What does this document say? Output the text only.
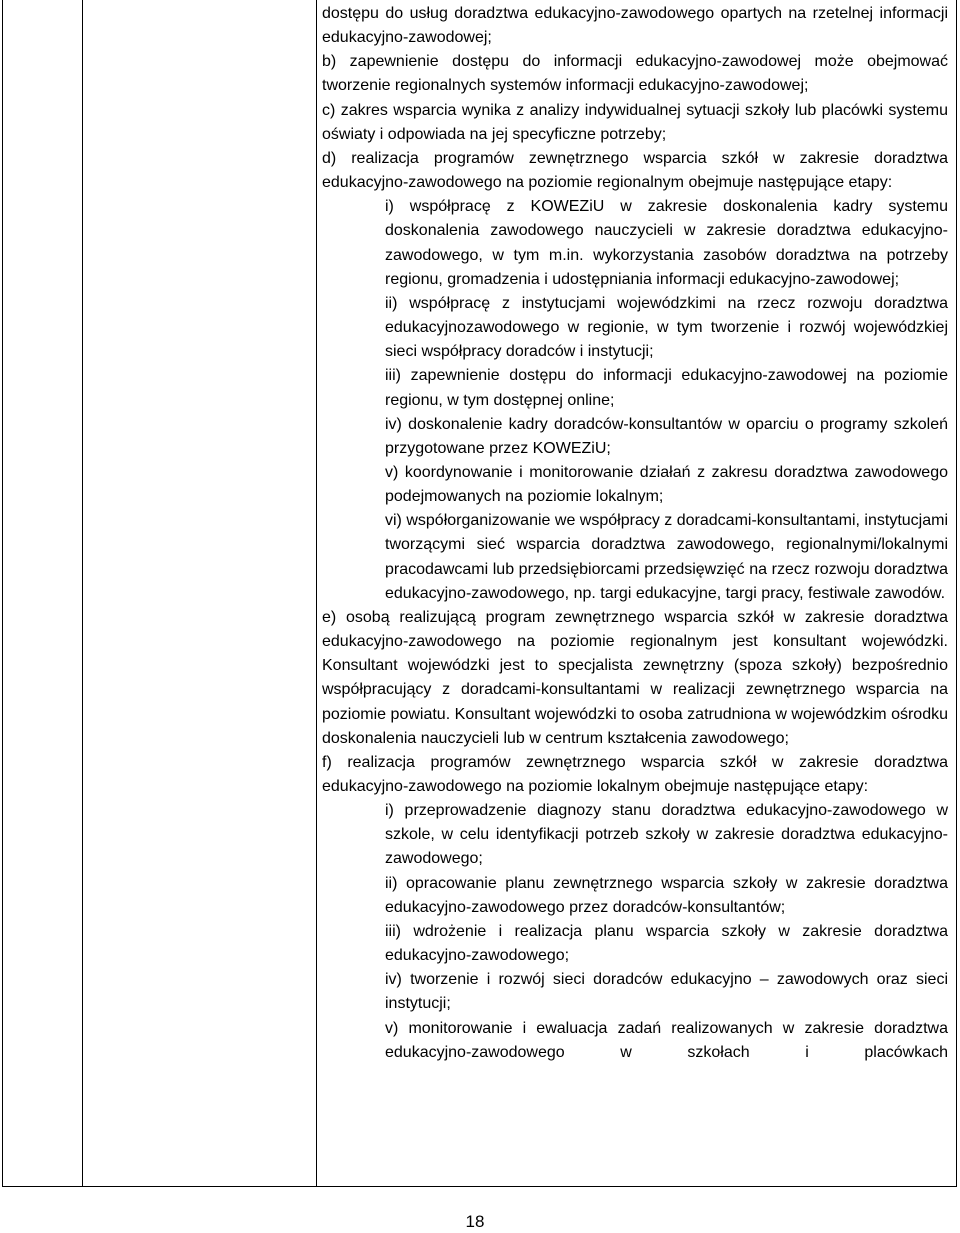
dostępu do usług doradztwa edukacyjno-zawodowego opartych na rzetelnej informacji edukacyjno-zawodowej;

b) zapewnienie dostępu do informacji edukacyjno-zawodowej może obejmować tworzenie regionalnych systemów informacji edukacyjno-zawodowej;

c) zakres wsparcia wynika z analizy indywidualnej sytuacji szkoły lub placówki systemu oświaty i odpowiada na jej specyficzne potrzeby;

d) realizacja programów zewnętrznego wsparcia szkół w zakresie doradztwa edukacyjno-zawodowego na poziomie regionalnym obejmuje następujące etapy:

i) współpracę z KOWEZiU w zakresie doskonalenia kadry systemu doskonalenia zawodowego nauczycieli w zakresie doradztwa edukacyjno-zawodowego, w tym m.in. wykorzystania zasobów doradztwa na potrzeby regionu, gromadzenia i udostępniania informacji edukacyjno-zawodowej;

ii) współpracę z instytucjami wojewódzkimi na rzecz rozwoju doradztwa edukacyjnozawodowego w regionie, w tym tworzenie i rozwój wojewódzkiej sieci współpracy doradców i instytucji;

iii) zapewnienie dostępu do informacji edukacyjno-zawodowej na poziomie regionu, w tym dostępnej online;

iv) doskonalenie kadry doradców-konsultantów w oparciu o programy szkoleń przygotowane przez KOWEZiU;

v) koordynowanie i monitorowanie działań z zakresu doradztwa zawodowego podejmowanych na poziomie lokalnym;

vi) współorganizowanie we współpracy z doradcami-konsultantami, instytucjami tworzącymi sieć wsparcia doradztwa zawodowego, regionalnymi/lokalnymi pracodawcami lub przedsiębiorcami przedsięwzięć na rzecz rozwoju doradztwa edukacyjno-zawodowego, np. targi edukacyjne, targi pracy, festiwale zawodów.

e) osobą realizującą program zewnętrznego wsparcia szkół w zakresie doradztwa edukacyjno-zawodowego na poziomie regionalnym jest konsultant wojewódzki. Konsultant wojewódzki jest to specjalista zewnętrzny (spoza szkoły) bezpośrednio współpracujący z doradcami-konsultantami w realizacji zewnętrznego wsparcia na poziomie powiatu. Konsultant wojewódzki to osoba zatrudniona w wojewódzkim ośrodku doskonalenia nauczycieli lub w centrum kształcenia zawodowego;

f) realizacja programów zewnętrznego wsparcia szkół w zakresie doradztwa edukacyjno-zawodowego na poziomie lokalnym obejmuje następujące etapy:

i) przeprowadzenie diagnozy stanu doradztwa edukacyjno-zawodowego w szkole, w celu identyfikacji potrzeb szkoły w zakresie doradztwa edukacyjno-zawodowego;

ii) opracowanie planu zewnętrznego wsparcia szkoły w zakresie doradztwa edukacyjno-zawodowego przez doradców-konsultantów;

iii) wdrożenie i realizacja planu wsparcia szkoły w zakresie doradztwa edukacyjno-zawodowego;

iv) tworzenie i rozwój sieci doradców edukacyjno – zawodowych oraz sieci instytucji;

v) monitorowanie i ewaluacja zadań realizowanych w zakresie doradztwa edukacyjno-zawodowego w szkołach i placówkach

18
